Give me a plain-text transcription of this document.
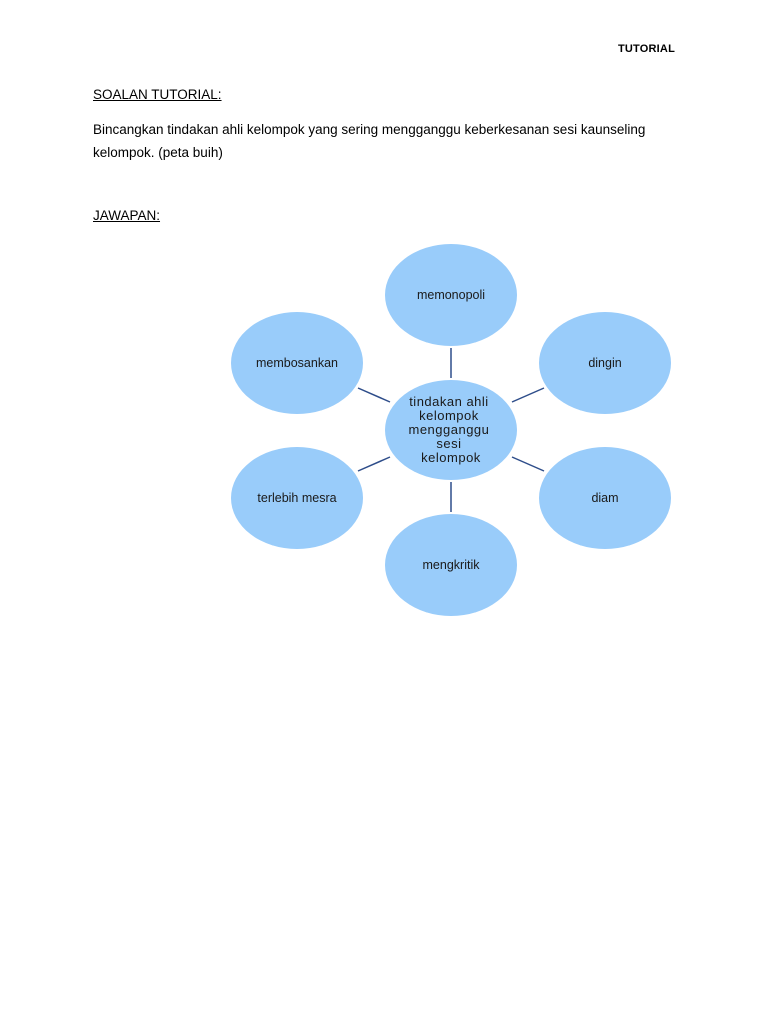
TUTORIAL
SOALAN TUTORIAL:
Bincangkan tindakan ahli kelompok yang sering mengganggu keberkesanan sesi kaunseling
kelompok. (peta buih)
JAWAPAN:
memonopoli
dingin
diam
mengkritik
terlebih mesra
membosankan
tindakan ahli kelompok mengganggu sesi kelompok
